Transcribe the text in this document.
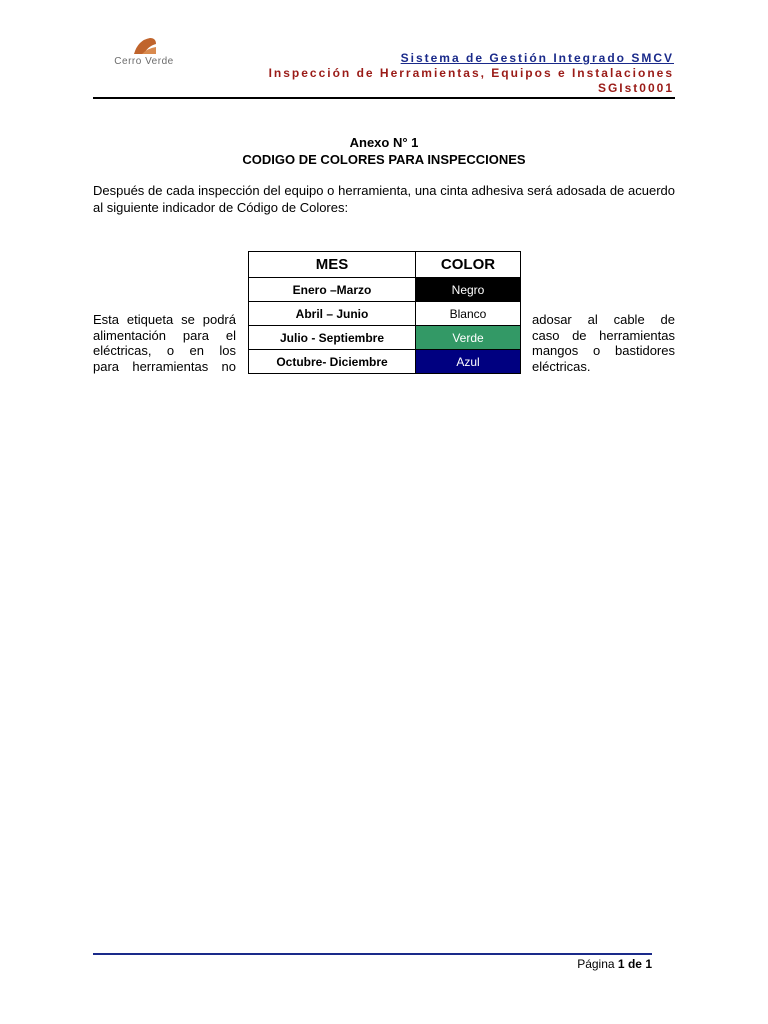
Cerro Verde	Sistema de Gestión Integrado SMCV
Inspección de Herramientas, Equipos e Instalaciones
SGIst0001
Anexo N° 1
CODIGO DE COLORES PARA INSPECCIONES
Después de cada inspección del equipo o herramienta, una cinta adhesiva será adosada de acuerdo al siguiente indicador de Código de Colores:
Esta etiqueta se podrá
alimentación para el
eléctricas, o en los
para herramientas no
adosar al cable de
caso de herramientas
mangos o bastidores
eléctricas.
MES	COLOR
Enero –Marzo	Negro
Abril – Junio	Blanco
Julio - Septiembre	Verde
Octubre- Diciembre	Azul
Página 1 de 1
